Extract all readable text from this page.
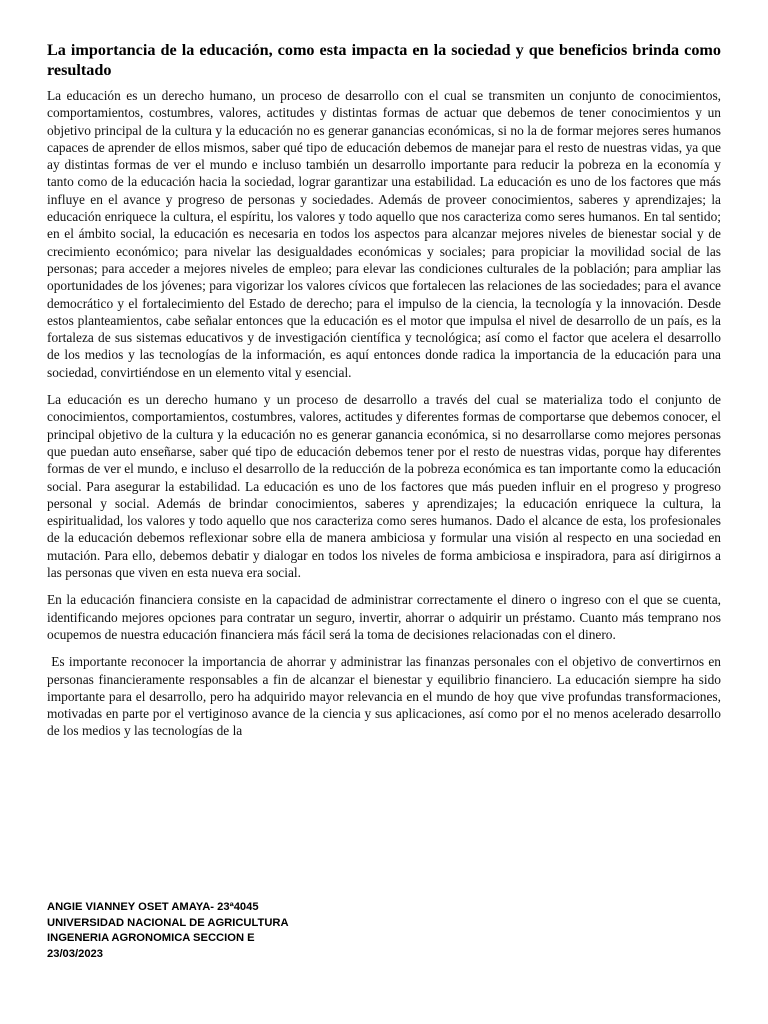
La importancia de la educación, como esta impacta en la sociedad y que beneficios brinda como resultado

La educación es un derecho humano, un proceso de desarrollo con el cual se transmiten un conjunto de conocimientos, comportamientos, costumbres, valores, actitudes y distintas formas de actuar que debemos de tener conocimientos y un objetivo principal de la cultura y la educación no es generar ganancias económicas, si no la de formar mejores seres humanos capaces de aprender de ellos mismos, saber qué tipo de educación debemos de manejar para el resto de nuestras vidas, ya que ay distintas formas de ver el mundo e incluso también un desarrollo importante para reducir la pobreza en la economía y tanto como de la educación hacia la sociedad, lograr garantizar una estabilidad. La educación es uno de los factores que más influye en el avance y progreso de personas y sociedades. Además de proveer conocimientos, saberes y aprendizajes; la educación enriquece la cultura, el espíritu, los valores y todo aquello que nos caracteriza como seres humanos. En tal sentido; en el ámbito social, la educación es necesaria en todos los aspectos para alcanzar mejores niveles de bienestar social y de crecimiento económico; para nivelar las desigualdades económicas y sociales; para propiciar la movilidad social de las personas; para acceder a mejores niveles de empleo; para elevar las condiciones culturales de la población; para ampliar las oportunidades de los jóvenes; para vigorizar los valores cívicos que fortalecen las relaciones de las sociedades; para el avance democrático y el fortalecimiento del Estado de derecho; para el impulso de la ciencia, la tecnología y la innovación. Desde estos planteamientos, cabe señalar entonces que la educación es el motor que impulsa el nivel de desarrollo de un país, es la fortaleza de sus sistemas educativos y de investigación científica y tecnológica; así como el factor que acelera el desarrollo de los medios y las tecnologías de la información, es aquí entonces donde radica la importancia de la educación para una sociedad, convirtiéndose en un elemento vital y esencial.

La educación es un derecho humano y un proceso de desarrollo a través del cual se materializa todo el conjunto de conocimientos, comportamientos, costumbres, valores, actitudes y diferentes formas de comportarse que debemos conocer, el principal objetivo de la cultura y la educación no es generar ganancia económica, si no desarrollarse como mejores personas que puedan auto enseñarse, saber qué tipo de educación debemos tener por el resto de nuestras vidas, porque hay diferentes formas de ver el mundo, e incluso el desarrollo de la reducción de la pobreza económica es tan importante como la educación social. Para asegurar la estabilidad. La educación es uno de los factores que más pueden influir en el progreso y progreso personal y social. Además de brindar conocimientos, saberes y aprendizajes; la educación enriquece la cultura, la espiritualidad, los valores y todo aquello que nos caracteriza como seres humanos. Dado el alcance de esta, los profesionales de la educación debemos reflexionar sobre ella de manera ambiciosa y formular una visión al respecto en una sociedad en mutación. Para ello, debemos debatir y dialogar en todos los niveles de forma ambiciosa e inspiradora, para así dirigirnos a las personas que viven en esta nueva era social.

En la educación financiera consiste en la capacidad de administrar correctamente el dinero o ingreso con el que se cuenta, identificando mejores opciones para contratar un seguro, invertir, ahorrar o adquirir un préstamo. Cuanto más temprano nos ocupemos de nuestra educación financiera más fácil será la toma de decisiones relacionadas con el dinero.

Es importante reconocer la importancia de ahorrar y administrar las finanzas personales con el objetivo de convertirnos en personas financieramente responsables a fin de alcanzar el bienestar y equilibrio financiero. La educación siempre ha sido importante para el desarrollo, pero ha adquirido mayor relevancia en el mundo de hoy que vive profundas transformaciones, motivadas en parte por el vertiginoso avance de la ciencia y sus aplicaciones, así como por el no menos acelerado desarrollo de los medios y las tecnologías de la

ANGIE VIANNEY OSET AMAYA- 23ª4045
UNIVERSIDAD NACIONAL DE AGRICULTURA
INGENERIA AGRONOMICA SECCION E
23/03/2023
